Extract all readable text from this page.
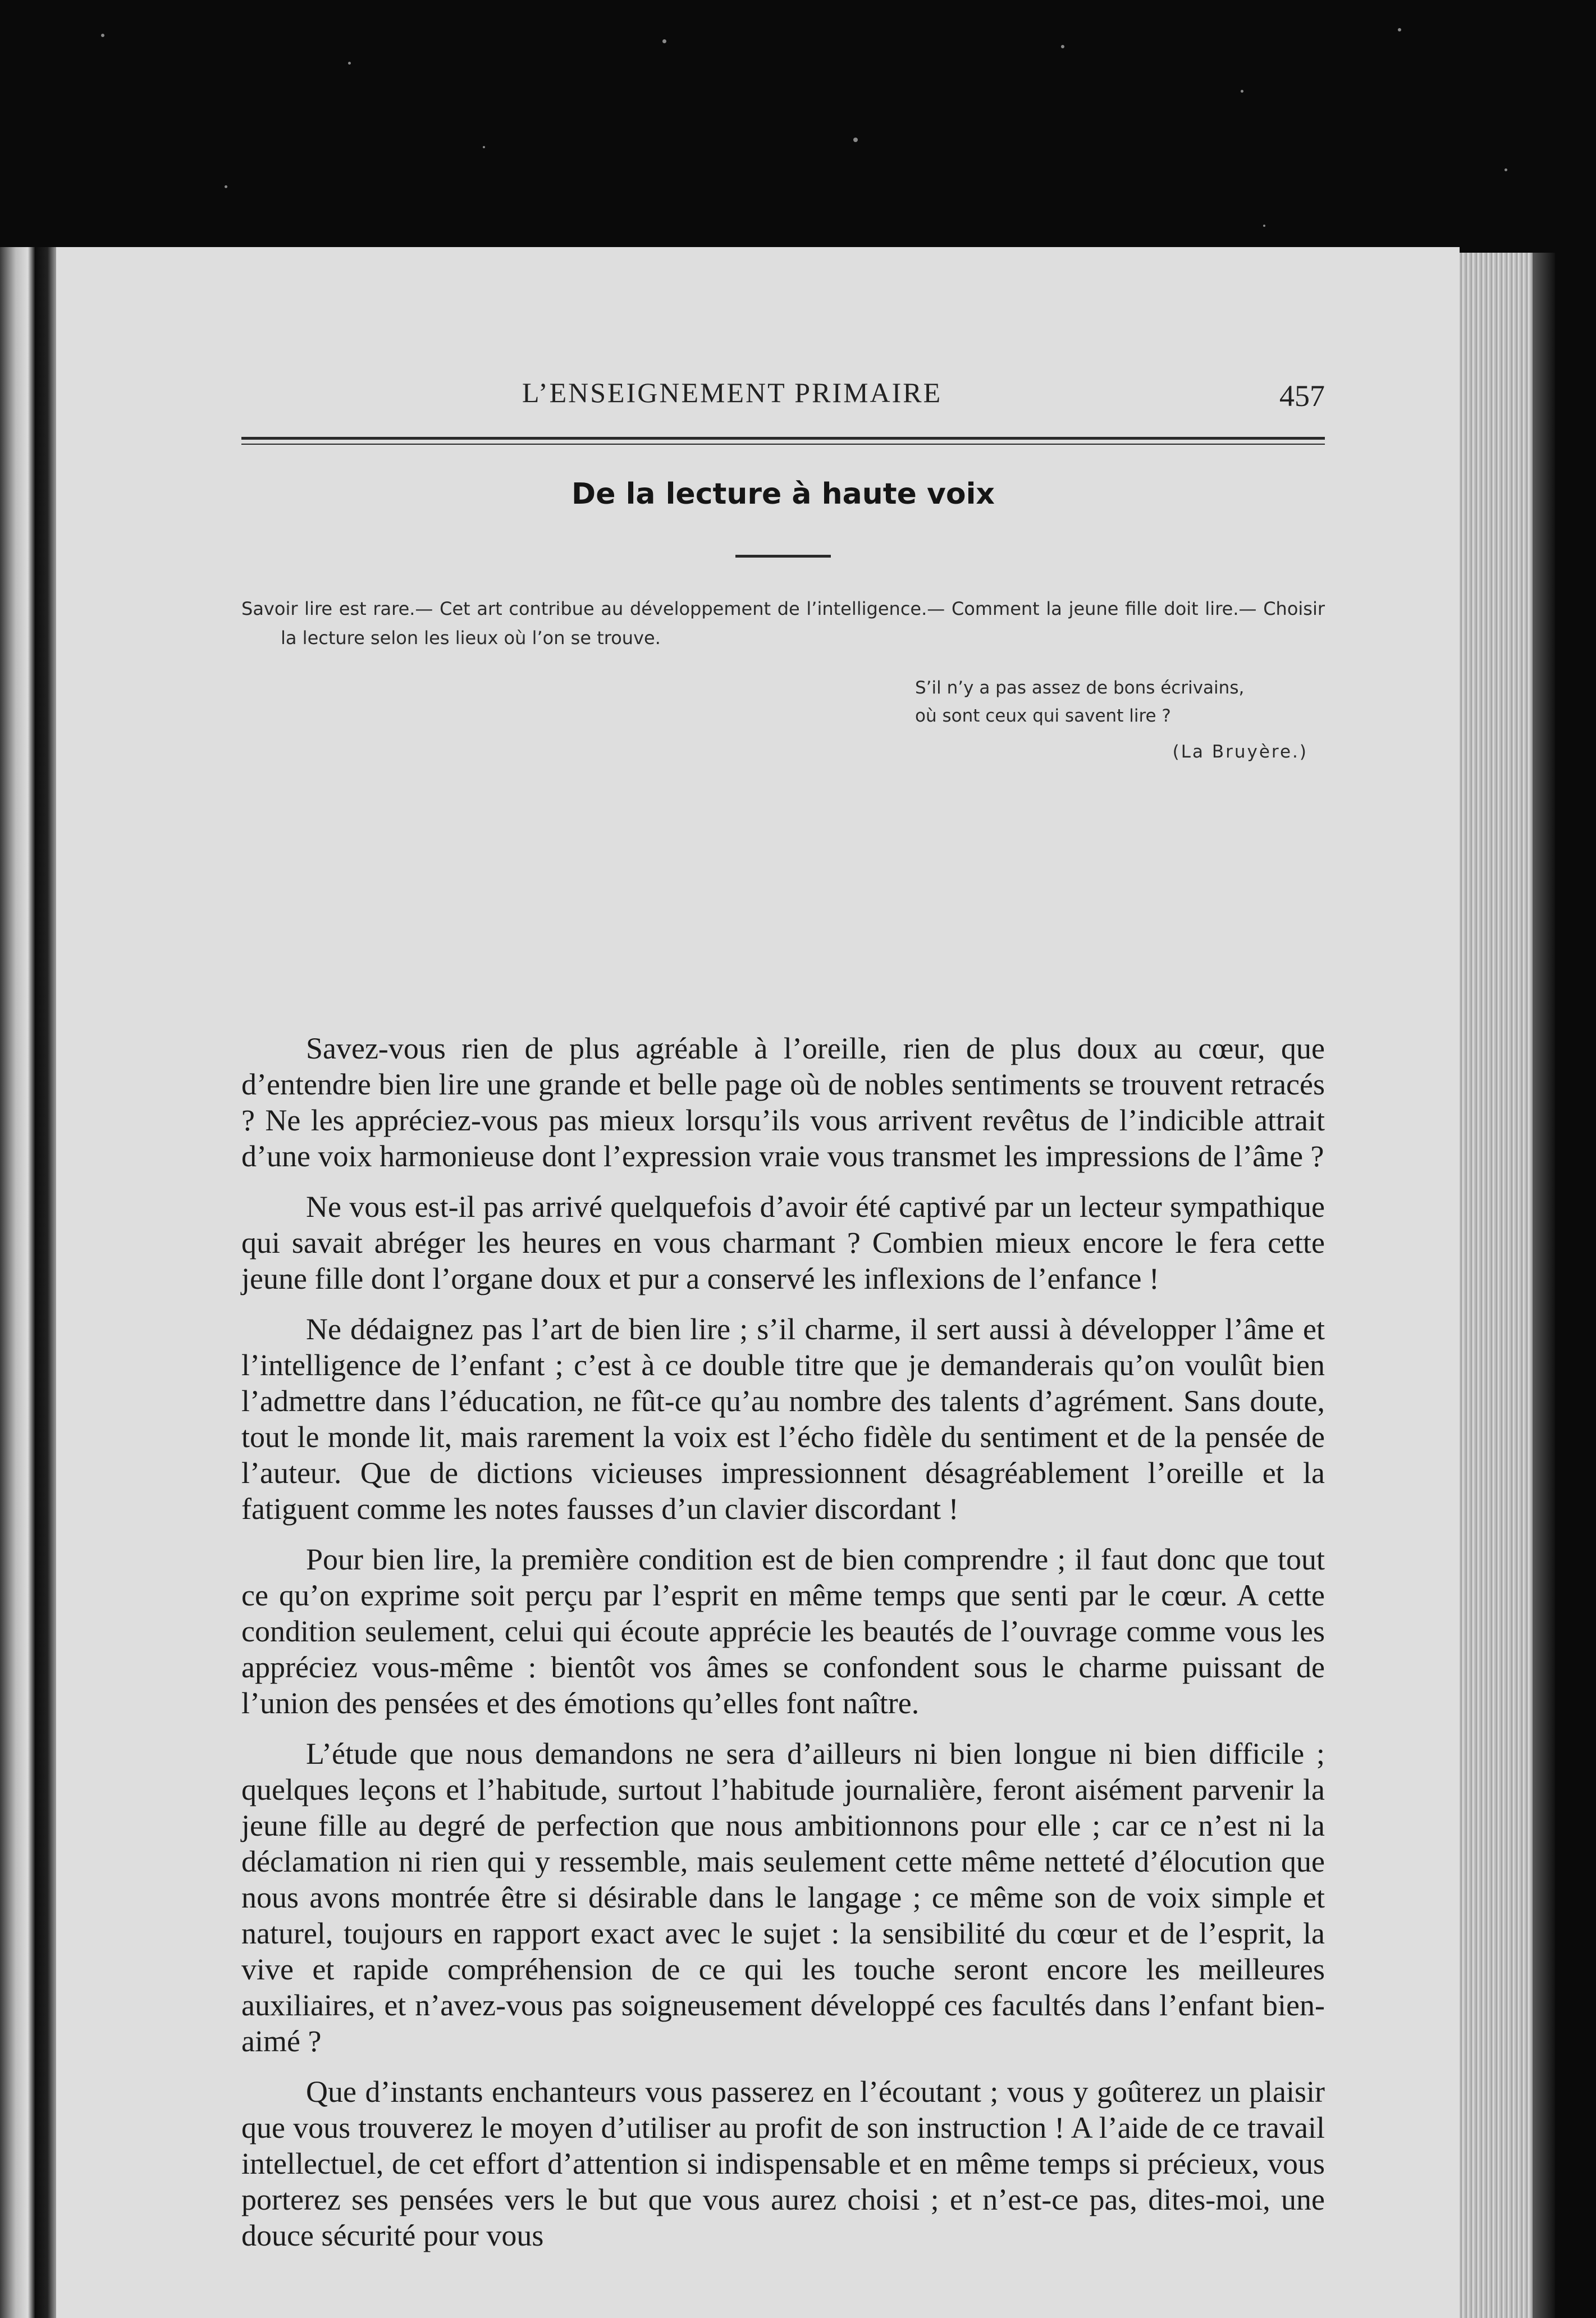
L’ENSEIGNEMENT PRIMAIRE	457
De la lecture à haute voix
Savoir lire est rare.— Cet art contribue au développement de l’intelligence.— Comment la jeune fille doit lire.— Choisir la lecture selon les lieux où l’on se trouve.
S’il n’y a pas assez de bons écrivains,
où sont ceux qui savent lire ?
(La Bruyère.)

Savez-vous rien de plus agréable à l’oreille, rien de plus doux au cœur, que d’entendre bien lire une grande et belle page où de nobles sentiments se trouvent retracés ? Ne les appréciez-vous pas mieux lorsqu’ils vous arrivent revêtus de l’indicible attrait d’une voix harmonieuse dont l’expression vraie vous transmet les impressions de l’âme ?

Ne vous est-il pas arrivé quelquefois d’avoir été captivé par un lecteur sympathique qui savait abréger les heures en vous charmant ? Combien mieux encore le fera cette jeune fille dont l’organe doux et pur a conservé les inflexions de l’enfance !

Ne dédaignez pas l’art de bien lire ; s’il charme, il sert aussi à développer l’âme et l’intelligence de l’enfant ; c’est à ce double titre que je demanderais qu’on voulût bien l’admettre dans l’éducation, ne fût-ce qu’au nombre des talents d’agrément. Sans doute, tout le monde lit, mais rarement la voix est l’écho fidèle du sentiment et de la pensée de l’auteur. Que de dictions vicieuses impressionnent désagréablement l’oreille et la fatiguent comme les notes fausses d’un clavier discordant !

Pour bien lire, la première condition est de bien comprendre ; il faut donc que tout ce qu’on exprime soit perçu par l’esprit en même temps que senti par le cœur. A cette condition seulement, celui qui écoute apprécie les beautés de l’ouvrage comme vous les appréciez vous-même : bientôt vos âmes se confondent sous le charme puissant de l’union des pensées et des émotions qu’elles font naître.

L’étude que nous demandons ne sera d’ailleurs ni bien longue ni bien difficile ; quelques leçons et l’habitude, surtout l’habitude journalière, feront aisément parvenir la jeune fille au degré de perfection que nous ambitionnons pour elle ; car ce n’est ni la déclamation ni rien qui y ressemble, mais seulement cette même netteté d’élocution que nous avons montrée être si désirable dans le langage ; ce même son de voix simple et naturel, toujours en rapport exact avec le sujet : la sensibilité du cœur et de l’esprit, la vive et rapide compréhension de ce qui les touche seront encore les meilleures auxiliaires, et n’avez-vous pas soigneusement développé ces facultés dans l’enfant bien-aimé ?

Que d’instants enchanteurs vous passerez en l’écoutant ; vous y goûterez un plaisir que vous trouverez le moyen d’utiliser au profit de son instruction ! A l’aide de ce travail intellectuel, de cet effort d’attention si indispensable et en même temps si précieux, vous porterez ses pensées vers le but que vous aurez choisi ; et n’est-ce pas, dites-moi, une douce sécurité pour vous
